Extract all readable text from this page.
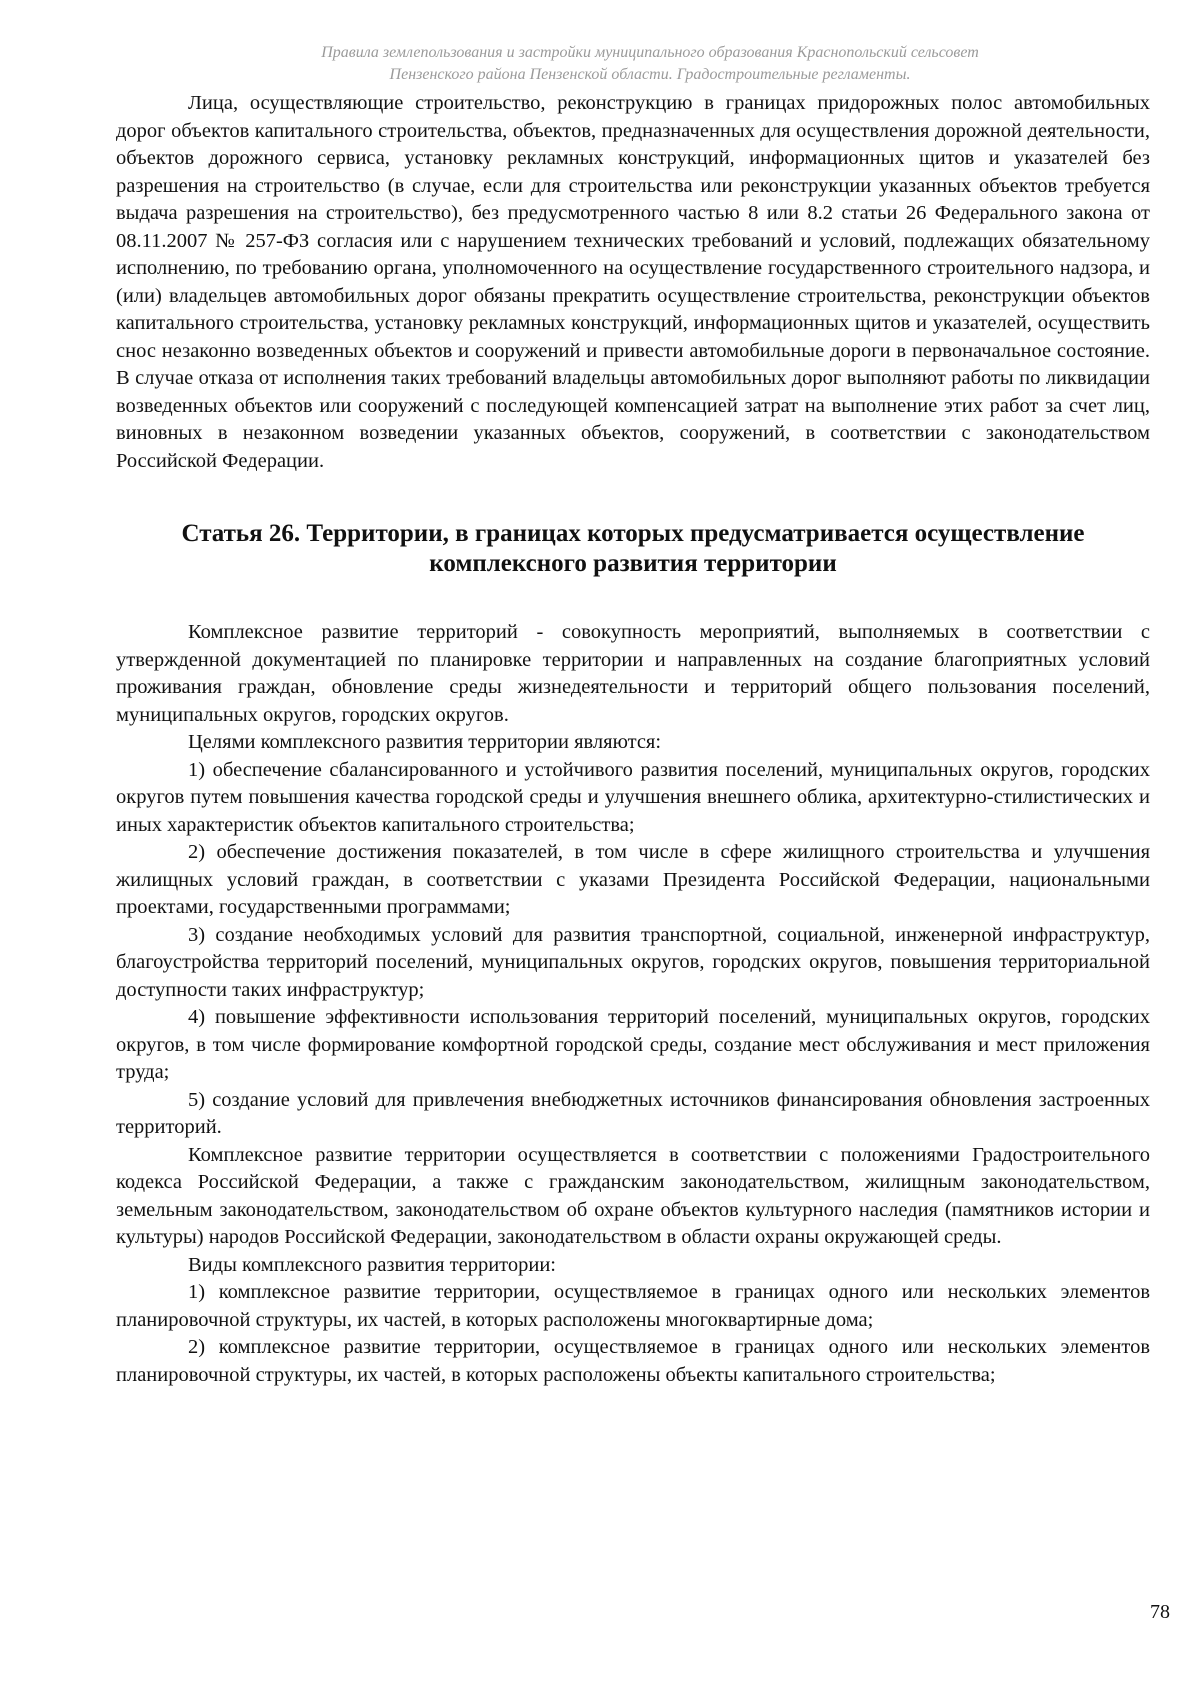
Правила землепользования и застройки муниципального образования Краснопольский сельсовет
Пензенского района Пензенской области. Градостроительные регламенты.

Лица, осуществляющие строительство, реконструкцию в границах придорожных полос автомобильных дорог объектов капитального строительства, объектов, предназначенных для осуществления дорожной деятельности, объектов дорожного сервиса, установку рекламных конструкций, информационных щитов и указателей без разрешения на строительство (в случае, если для строительства или реконструкции указанных объектов требуется выдача разрешения на строительство), без предусмотренного частью 8 или 8.2 статьи 26 Федерального закона от 08.11.2007 № 257-ФЗ согласия или с нарушением технических требований и условий, подлежащих обязательному исполнению, по требованию органа, уполномоченного на осуществление государственного строительного надзора, и (или) владельцев автомобильных дорог обязаны прекратить осуществление строительства, реконструкции объектов капитального строительства, установку рекламных конструкций, информационных щитов и указателей, осуществить снос незаконно возведенных объектов и сооружений и привести автомобильные дороги в первоначальное состояние. В случае отказа от исполнения таких требований владельцы автомобильных дорог выполняют работы по ликвидации возведенных объектов или сооружений с последующей компенсацией затрат на выполнение этих работ за счет лиц, виновных в незаконном возведении указанных объектов, сооружений, в соответствии с законодательством Российской Федерации.

Статья 26. Территории, в границах которых предусматривается осуществление комплексного развития территории

Комплексное развитие территорий - совокупность мероприятий, выполняемых в соответствии с утвержденной документацией по планировке территории и направленных на создание благоприятных условий проживания граждан, обновление среды жизнедеятельности и территорий общего пользования поселений, муниципальных округов, городских округов.

Целями комплексного развития территории являются:

1) обеспечение сбалансированного и устойчивого развития поселений, муниципальных округов, городских округов путем повышения качества городской среды и улучшения внешнего облика, архитектурно-стилистических и иных характеристик объектов капитального строительства;

2) обеспечение достижения показателей, в том числе в сфере жилищного строительства и улучшения жилищных условий граждан, в соответствии с указами Президента Российской Федерации, национальными проектами, государственными программами;

3) создание необходимых условий для развития транспортной, социальной, инженерной инфраструктур, благоустройства территорий поселений, муниципальных округов, городских округов, повышения территориальной доступности таких инфраструктур;

4) повышение эффективности использования территорий поселений, муниципальных округов, городских округов, в том числе формирование комфортной городской среды, создание мест обслуживания и мест приложения труда;

5) создание условий для привлечения внебюджетных источников финансирования обновления застроенных территорий.

Комплексное развитие территории осуществляется в соответствии с положениями Градостроительного кодекса Российской Федерации, а также с гражданским законодательством, жилищным законодательством, земельным законодательством, законодательством об охране объектов культурного наследия (памятников истории и культуры) народов Российской Федерации, законодательством в области охраны окружающей среды.

Виды комплексного развития территории:

1) комплексное развитие территории, осуществляемое в границах одного или нескольких элементов планировочной структуры, их частей, в которых расположены многоквартирные дома;

2) комплексное развитие территории, осуществляемое в границах одного или нескольких элементов планировочной структуры, их частей, в которых расположены объекты капитального строительства;

78
